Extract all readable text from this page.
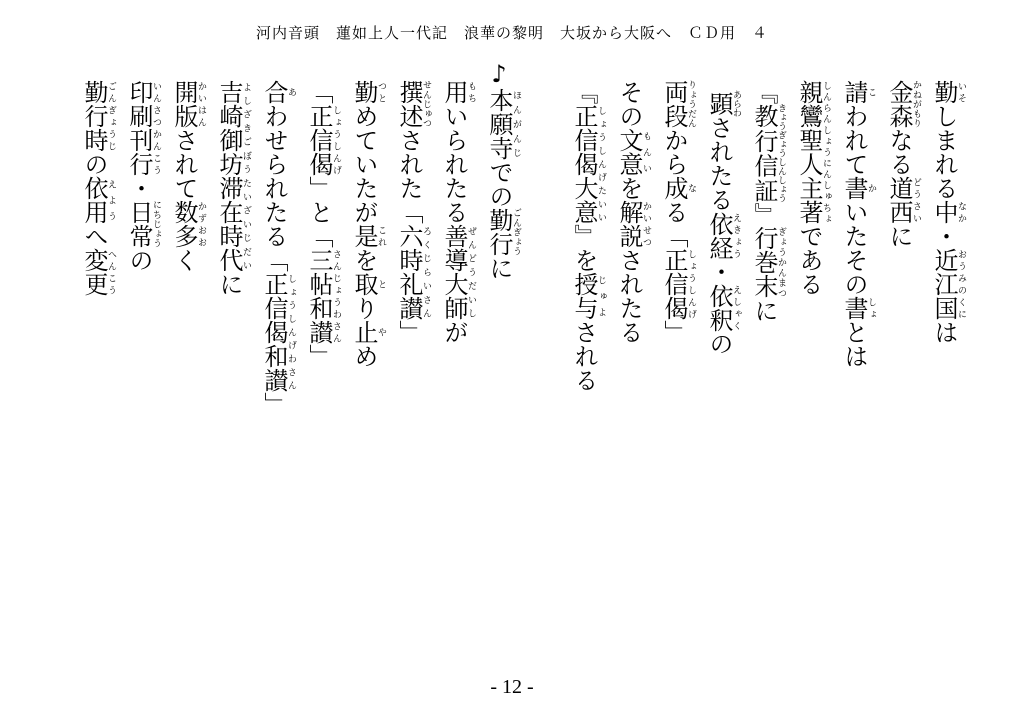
河内音頭　蓮如上人一代記　浪華の黎明　大坂から大阪へ　ＣＤ用　４
勤いそしまれる中なか・近江国おうみのくには
金森かねがもりなる道西どうさいに
請こわれて書かいたその書しょとは
親鸞聖人主著しんらんしょうにんしゅちょである
『教行信証きょうぎょうしんしょう』行巻末ぎょうかんまつに
顕あらわされたる依経えきょう・依釈えしゃくの
両段りょうだんから成なる「正信偈しょうしんげ」
その文意もんいを解説かいせつされたる
『正信偈大意しょうしんげたいい』を授与じゅよされる
♪本願寺ほんがんじでの勤行ごんぎょうに
用もちいられたる善導大師ぜんどうだいしが
撰述せんじゅつされた「六時礼讃ろくじらいさん」
勤つとめていたが是これを取とり止やめ
「正信偈しょうしんげ」と「三帖和讃さんじょうわさん」
合あわせられたる「正信偈和讃しょうしんげわさん」
吉崎御坊滞在時代よしざきごぼうたいざいじだいに
開版かいはんされて数多かずおおく
印刷刊行いんさつかんこう・日常にちじょうの
勤行時ごんぎょうじの依用えようへ変更へんこう
- 12 -
